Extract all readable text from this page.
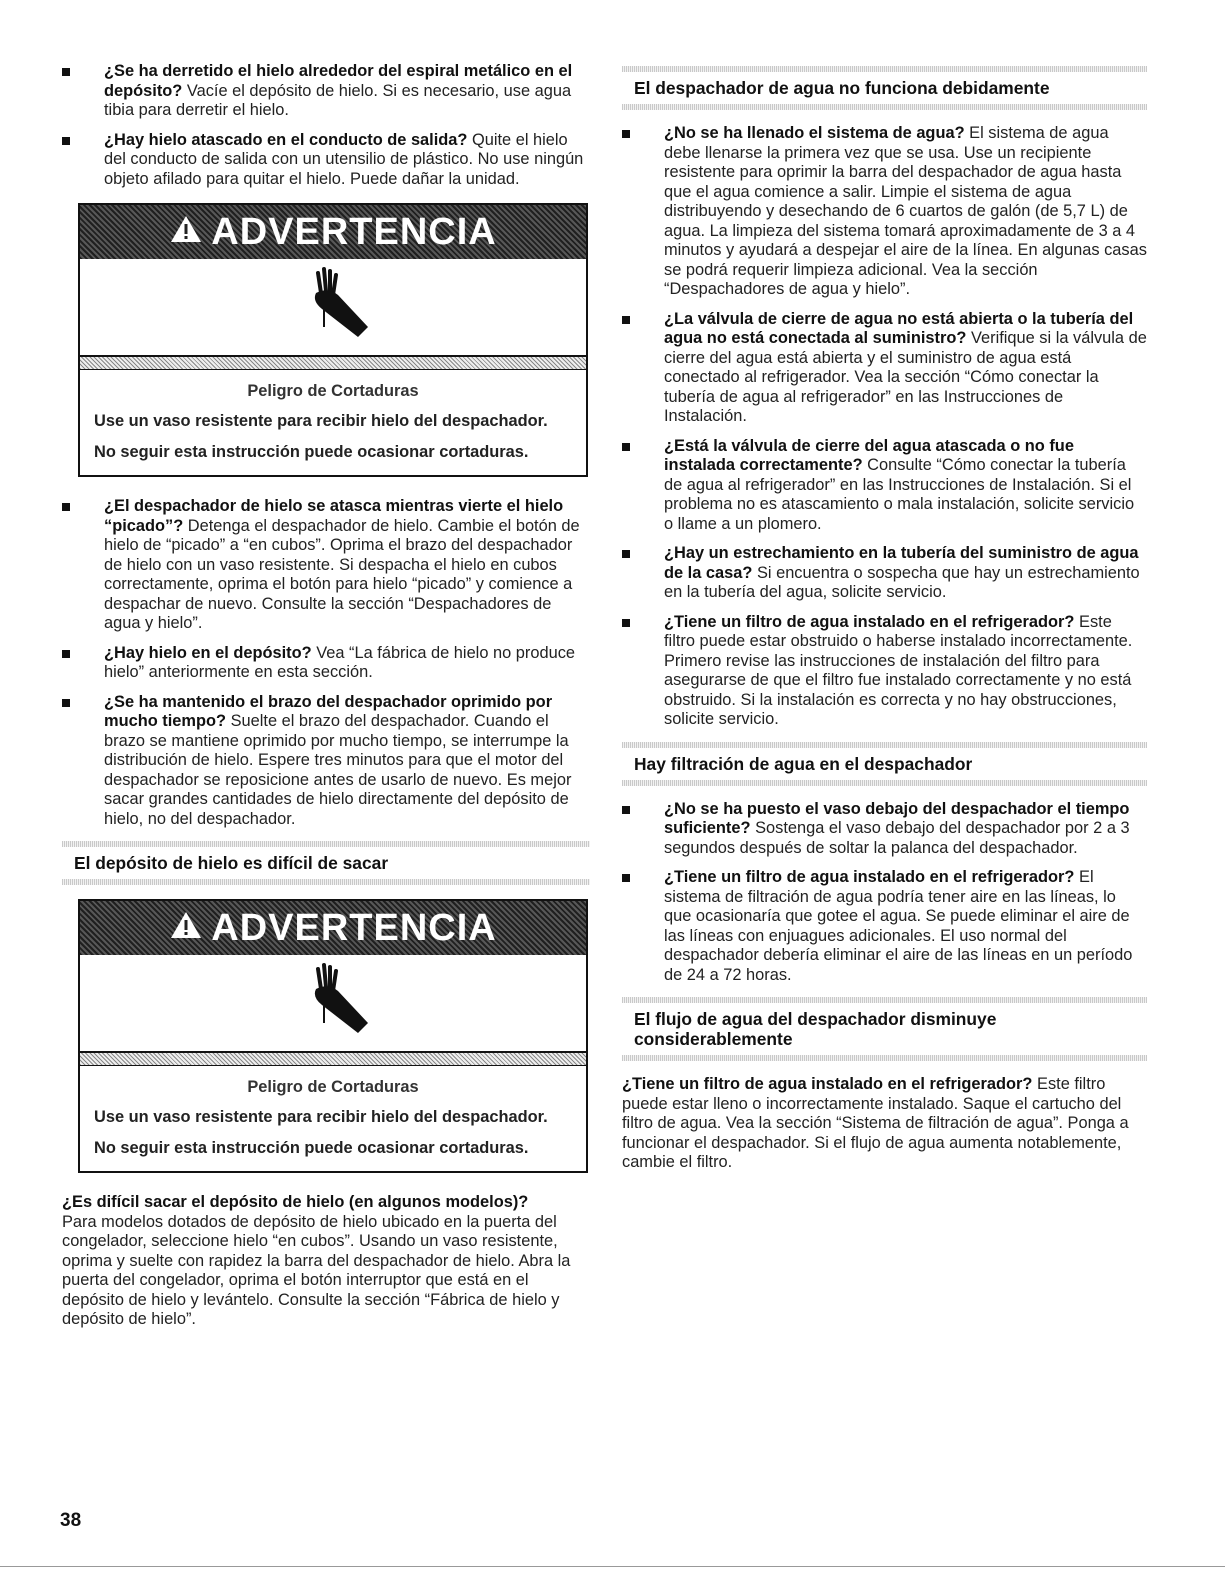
¿Se ha derretido el hielo alrededor del espiral metálico en el depósito? Vacíe el depósito de hielo. Si es necesario, use agua tibia para derretir el hielo.
¿Hay hielo atascado en el conducto de salida? Quite el hielo del conducto de salida con un utensilio de plástico. No use ningún objeto afilado para quitar el hielo. Puede dañar la unidad.
ADVERTENCIA
Peligro de Cortaduras
Use un vaso resistente para recibir hielo del despachador.
No seguir esta instrucción puede ocasionar cortaduras.
¿El despachador de hielo se atasca mientras vierte el hielo “picado”? Detenga el despachador de hielo. Cambie el botón de hielo de “picado” a “en cubos”. Oprima el brazo del despachador de hielo con un vaso resistente. Si despacha el hielo en cubos correctamente, oprima el botón para hielo “picado” y comience a despachar de nuevo. Consulte la sección “Despachadores de agua y hielo”.
¿Hay hielo en el depósito? Vea “La fábrica de hielo no produce hielo” anteriormente en esta sección.
¿Se ha mantenido el brazo del despachador oprimido por mucho tiempo? Suelte el brazo del despachador. Cuando el brazo se mantiene oprimido por mucho tiempo, se interrumpe la distribución de hielo. Espere tres minutos para que el motor del despachador se reposicione antes de usarlo de nuevo. Es mejor sacar grandes cantidades de hielo directamente del depósito de hielo, no del despachador.
El depósito de hielo es difícil de sacar
ADVERTENCIA
Peligro de Cortaduras
Use un vaso resistente para recibir hielo del despachador.
No seguir esta instrucción puede ocasionar cortaduras.

¿Es difícil sacar el depósito de hielo (en algunos modelos)?
Para modelos dotados de depósito de hielo ubicado en la puerta del congelador, seleccione hielo “en cubos”. Usando un vaso resistente, oprima y suelte con rapidez la barra del despachador de hielo. Abra la puerta del congelador, oprima el botón interruptor que está en el depósito de hielo y levántelo. Consulte la sección “Fábrica de hielo y depósito de hielo”.

El despachador de agua no funciona debidamente
¿No se ha llenado el sistema de agua? El sistema de agua debe llenarse la primera vez que se usa. Use un recipiente resistente para oprimir la barra del despachador de agua hasta que el agua comience a salir. Limpie el sistema de agua distribuyendo y desechando de 6 cuartos de galón (de 5,7 L) de agua. La limpieza del sistema tomará aproximadamente de 3 a 4 minutos y ayudará a despejar el aire de la línea. En algunas casas se podrá requerir limpieza adicional. Vea la sección “Despachadores de agua y hielo”.
¿La válvula de cierre de agua no está abierta o la tubería del agua no está conectada al suministro? Verifique si la válvula de cierre del agua está abierta y el suministro de agua está conectado al refrigerador. Vea la sección “Cómo conectar la tubería de agua al refrigerador” en las Instrucciones de Instalación.
¿Está la válvula de cierre del agua atascada o no fue instalada correctamente? Consulte “Cómo conectar la tubería de agua al refrigerador” en las Instrucciones de Instalación. Si el problema no es atascamiento o mala instalación, solicite servicio o llame a un plomero.
¿Hay un estrechamiento en la tubería del suministro de agua de la casa? Si encuentra o sospecha que hay un estrechamiento en la tubería del agua, solicite servicio.
¿Tiene un filtro de agua instalado en el refrigerador? Este filtro puede estar obstruido o haberse instalado incorrectamente. Primero revise las instrucciones de instalación del filtro para asegurarse de que el filtro fue instalado correctamente y no está obstruido. Si la instalación es correcta y no hay obstrucciones, solicite servicio.
Hay filtración de agua en el despachador
¿No se ha puesto el vaso debajo del despachador el tiempo suficiente? Sostenga el vaso debajo del despachador por 2 a 3 segundos después de soltar la palanca del despachador.
¿Tiene un filtro de agua instalado en el refrigerador? El sistema de filtración de agua podría tener aire en las líneas, lo que ocasionaría que gotee el agua. Se puede eliminar el aire de las líneas con enjuagues adicionales. El uso normal del despachador debería eliminar el aire de las líneas en un período de 24 a 72 horas.
El flujo de agua del despachador disminuye considerablemente

¿Tiene un filtro de agua instalado en el refrigerador? Este filtro puede estar lleno o incorrectamente instalado. Saque el cartucho del filtro de agua. Vea la sección “Sistema de filtración de agua”. Ponga a funcionar el despachador. Si el flujo de agua aumenta notablemente, cambie el filtro.

38
